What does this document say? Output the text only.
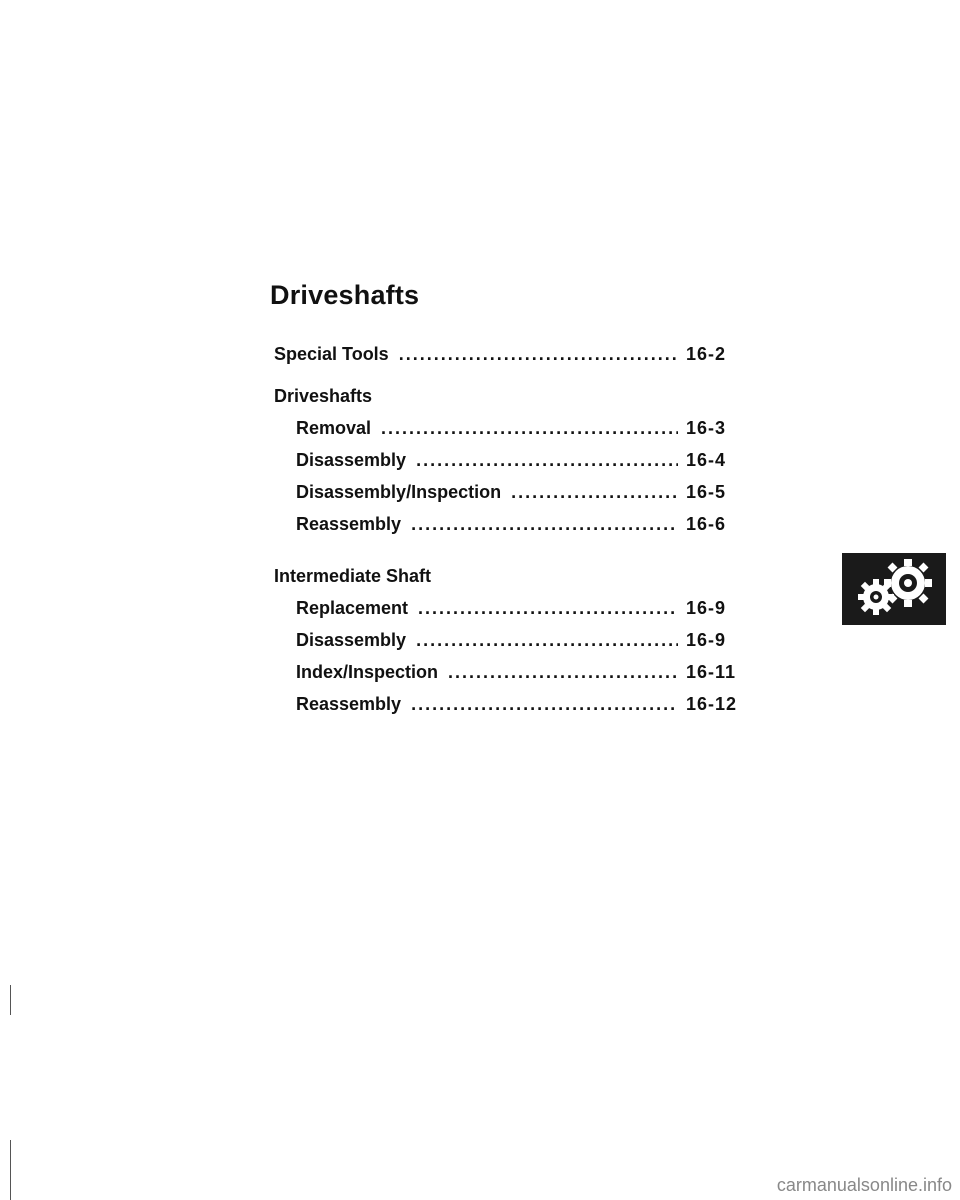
Driveshafts
Special Tools .....	16-2
Driveshafts
Removal .....	16-3
Disassembly .....	16-4
Disassembly/Inspection .....	16-5
Reassembly .....	16-6
Intermediate Shaft
Replacement .....	16-9
Disassembly .....	16-9
Index/Inspection .....	16-11
Reassembly .....	16-12
carmanualsonline.info
